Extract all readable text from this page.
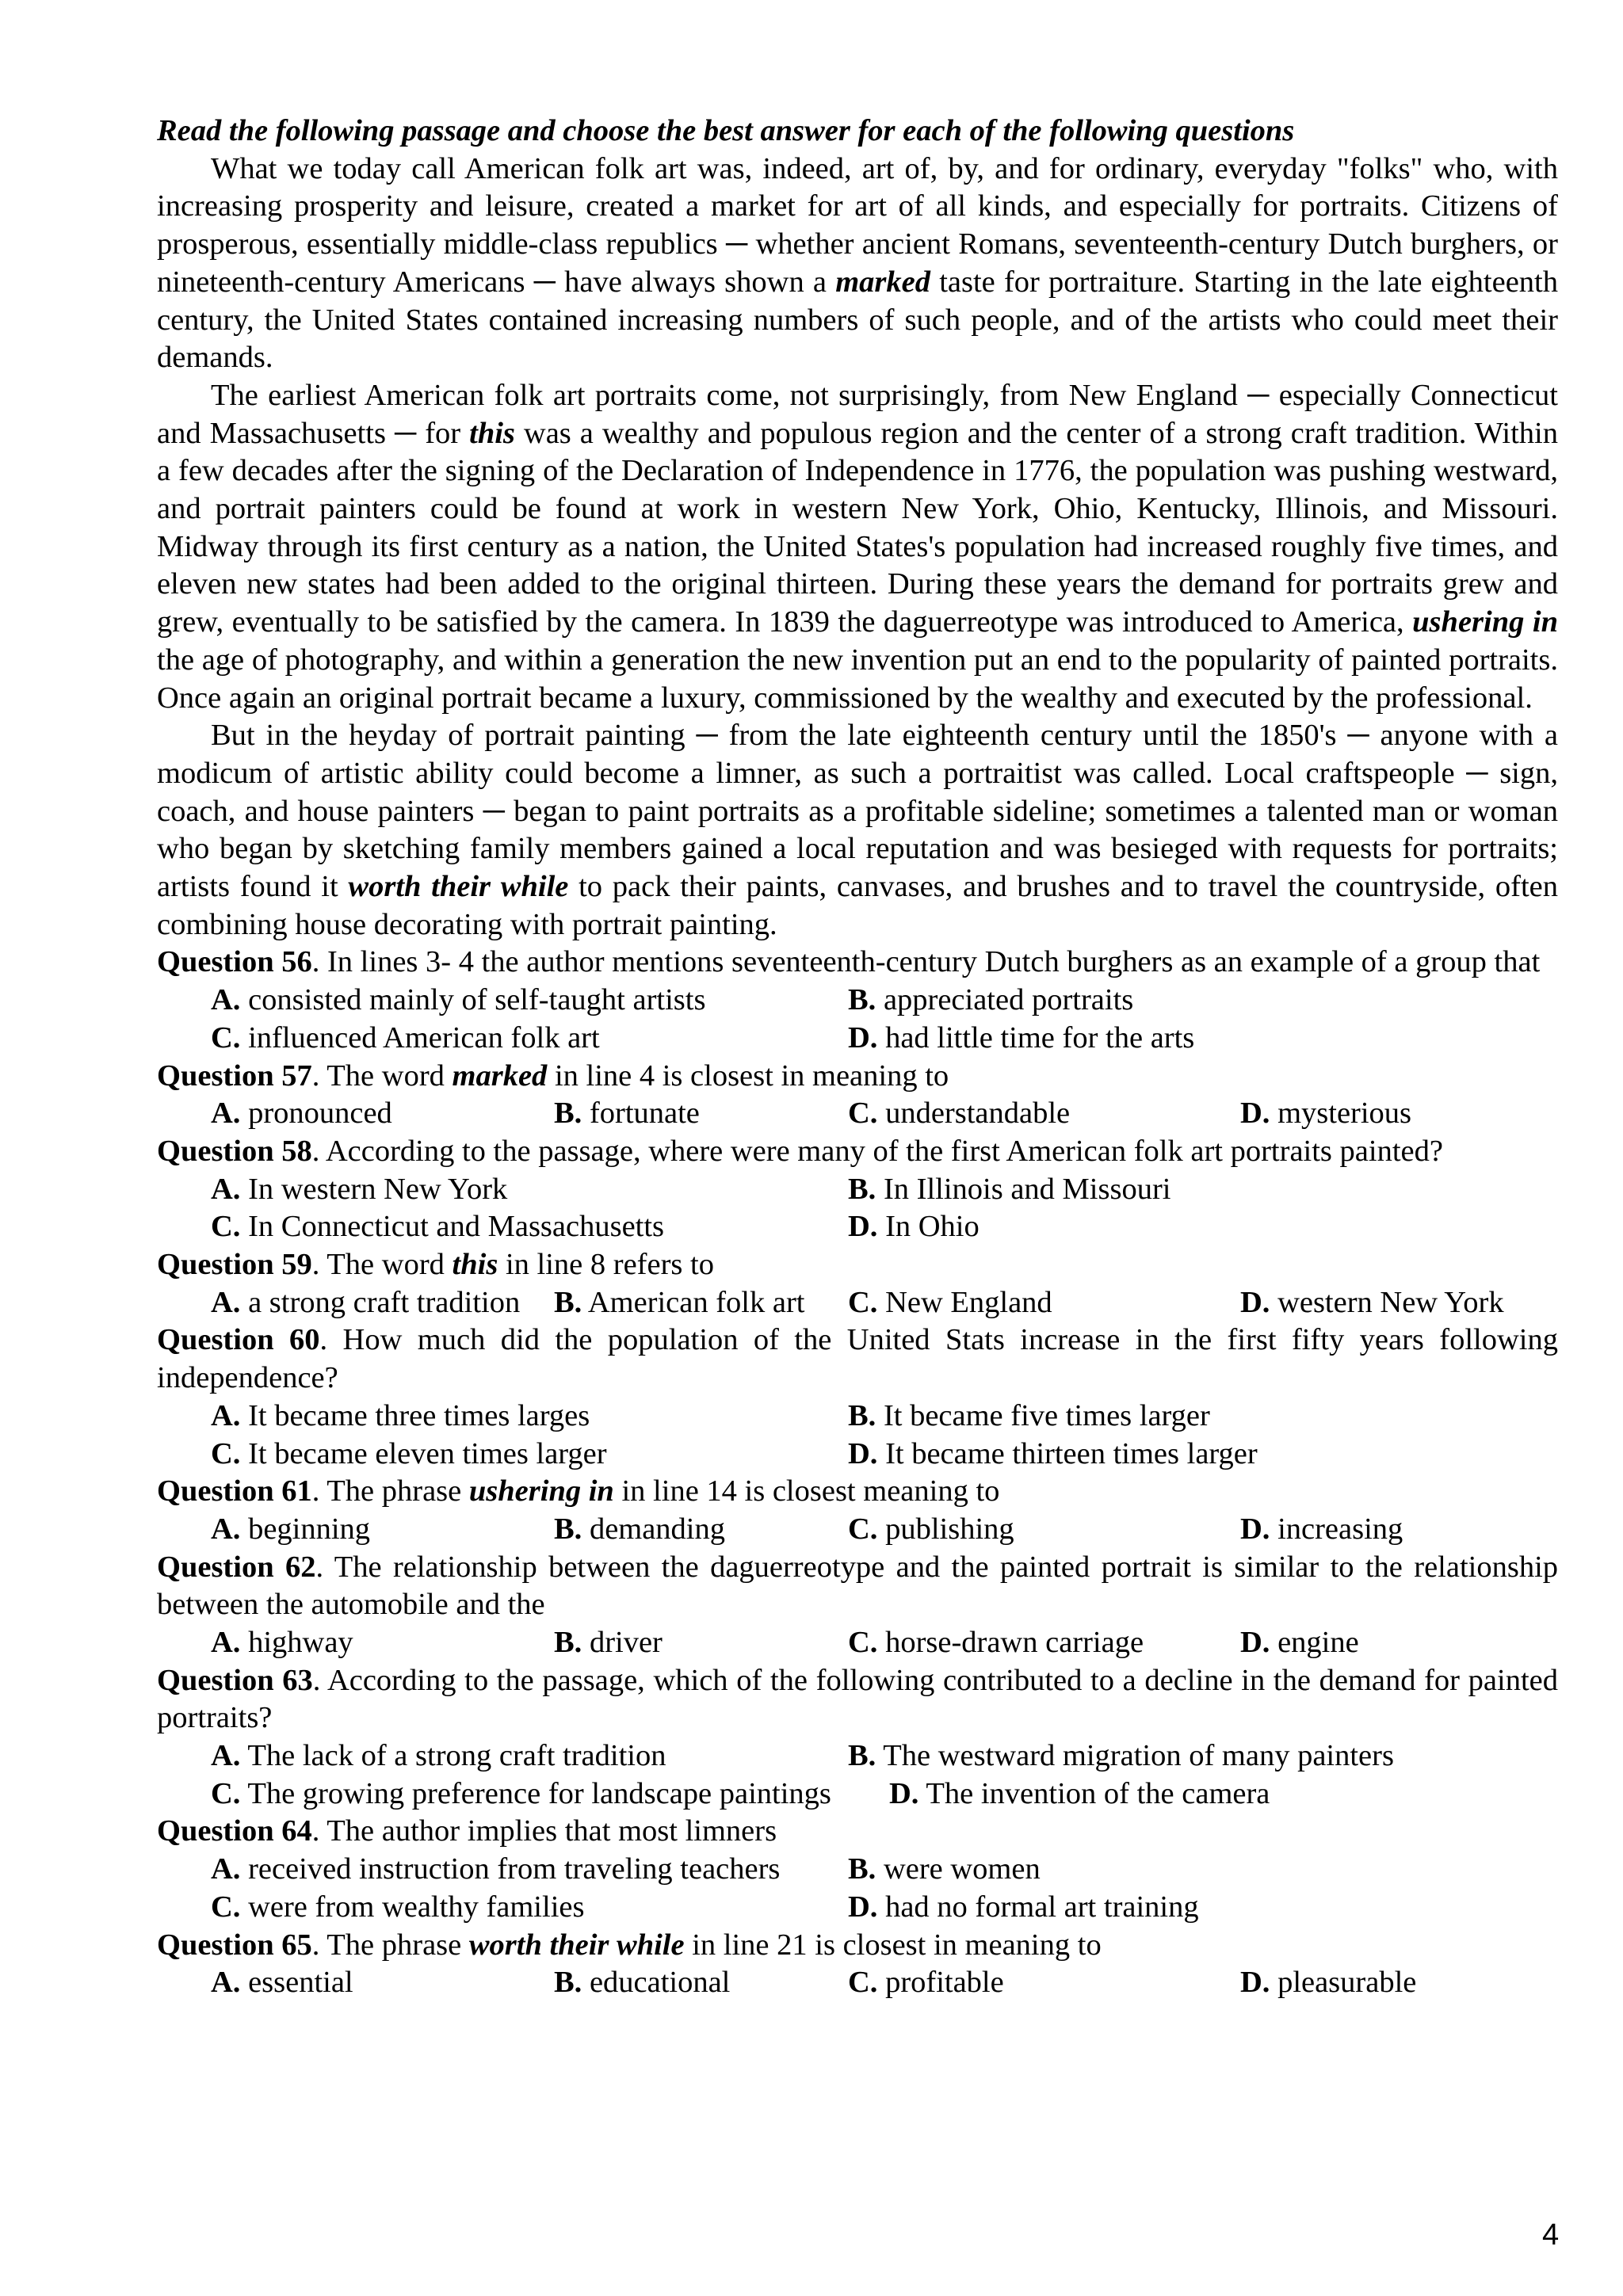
Read the following passage and choose the best answer for each of the following questions

What we today call American folk art was, indeed, art of, by, and for ordinary, everyday "folks" who, with increasing prosperity and leisure, created a market for art of all kinds, and especially for portraits. Citizens of prosperous, essentially middle-class republics ─ whether ancient Romans, seventeenth-century Dutch burghers, or nineteenth-century Americans ─ have always shown a marked taste for portraiture. Starting in the late eighteenth century, the United States contained increasing numbers of such people, and of the artists who could meet their demands.

The earliest American folk art portraits come, not surprisingly, from New England ─ especially Connecticut and Massachusetts ─ for this was a wealthy and populous region and the center of a strong craft tradition. Within a few decades after the signing of the Declaration of Independence in 1776, the population was pushing westward, and portrait painters could be found at work in western New York, Ohio, Kentucky, Illinois, and Missouri. Midway through its first century as a nation, the United States's population had increased roughly five times, and eleven new states had been added to the original thirteen. During these years the demand for portraits grew and grew, eventually to be satisfied by the camera. In 1839 the daguerreotype was introduced to America, ushering in the age of photography, and within a generation the new invention put an end to the popularity of painted portraits. Once again an original portrait became a luxury, commissioned by the wealthy and executed by the professional.

But in the heyday of portrait painting ─ from the late eighteenth century until the 1850's ─ anyone with a modicum of artistic ability could become a limner, as such a portraitist was called. Local craftspeople ─ sign, coach, and house painters ─ began to paint portraits as a profitable sideline; sometimes a talented man or woman who began by sketching family members gained a local reputation and was besieged with requests for portraits; artists found it worth their while to pack their paints, canvases, and brushes and to travel the countryside, often combining house decorating with portrait painting.

Question 56. In lines 3- 4 the author mentions seventeenth-century Dutch burghers as an example of a group that

A. consisted mainly of self-taught artists	B. appreciated portraits
C. influenced American folk art	D. had little time for the arts

Question 57. The word marked in line 4 is closest in meaning to

A. pronounced	B. fortunate	C. understandable	D. mysterious

Question 58. According to the passage, where were many of the first American folk art portraits painted?

A. In western New York	B. In Illinois and Missouri
C. In Connecticut and Massachusetts	D. In Ohio

Question 59. The word this in line 8 refers to

A. a strong craft tradition B. American folk art C. New England	D. western New York

Question 60. How much did the population of the United Stats increase in the first fifty years following independence?

A. It became three times larges	B. It became five times larger
C. It became eleven times larger	D. It became thirteen times larger

Question 61. The phrase ushering in in line 14 is closest meaning to

A. beginning	B. demanding	C. publishing	D. increasing

Question 62. The relationship between the daguerreotype and the painted portrait is similar to the relationship between the automobile and the

A. highway	B. driver	C. horse-drawn carriage	D. engine

Question 63. According to the passage, which of the following contributed to a decline in the demand for painted portraits?

A. The lack of a strong craft tradition	B. The westward migration of many painters
C. The growing preference for landscape paintings D. The invention of the camera

Question 64. The author implies that most limners

A. received instruction from traveling teachers B. were women
C. were from wealthy families	D. had no formal art training

Question 65. The phrase worth their while in line 21 is closest in meaning to

A. essential	B. educational	C. profitable	D. pleasurable
4
